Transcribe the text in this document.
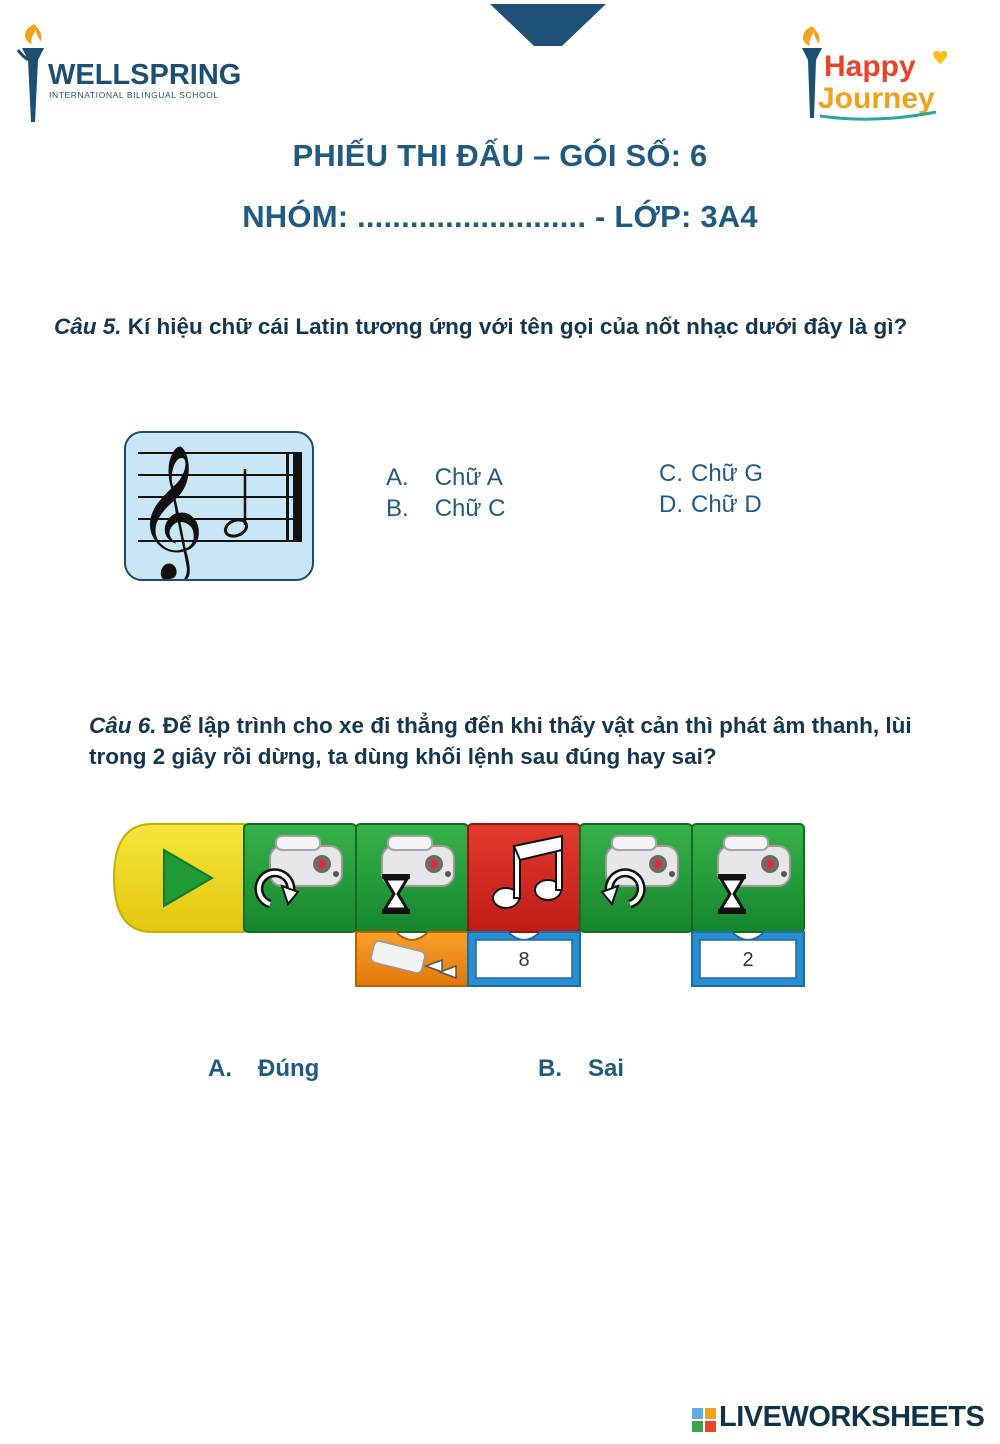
WELLSPRING
INTERNATIONAL BILINGUAL SCHOOL
Happy
Journey
PHIẾU THI ĐẤU – GÓI SỐ: 6
NHÓM: .......................... - LỚP: 3A4
Câu 5. Kí hiệu chữ cái Latin tương ứng với tên gọi của nốt nhạc dưới đây là gì?
𝄞	A. Chữ A
B. Chữ C
C. Chữ G
D. Chữ D
Câu 6. Để lập trình cho xe đi thẳng đến khi thấy vật cản thì phát âm thanh, lùi trong 2 giây rồi dừng, ta dùng khối lệnh sau đúng hay sai?
8	2
A. Đúng	B. Sai
LIVEWORKSHEETS
